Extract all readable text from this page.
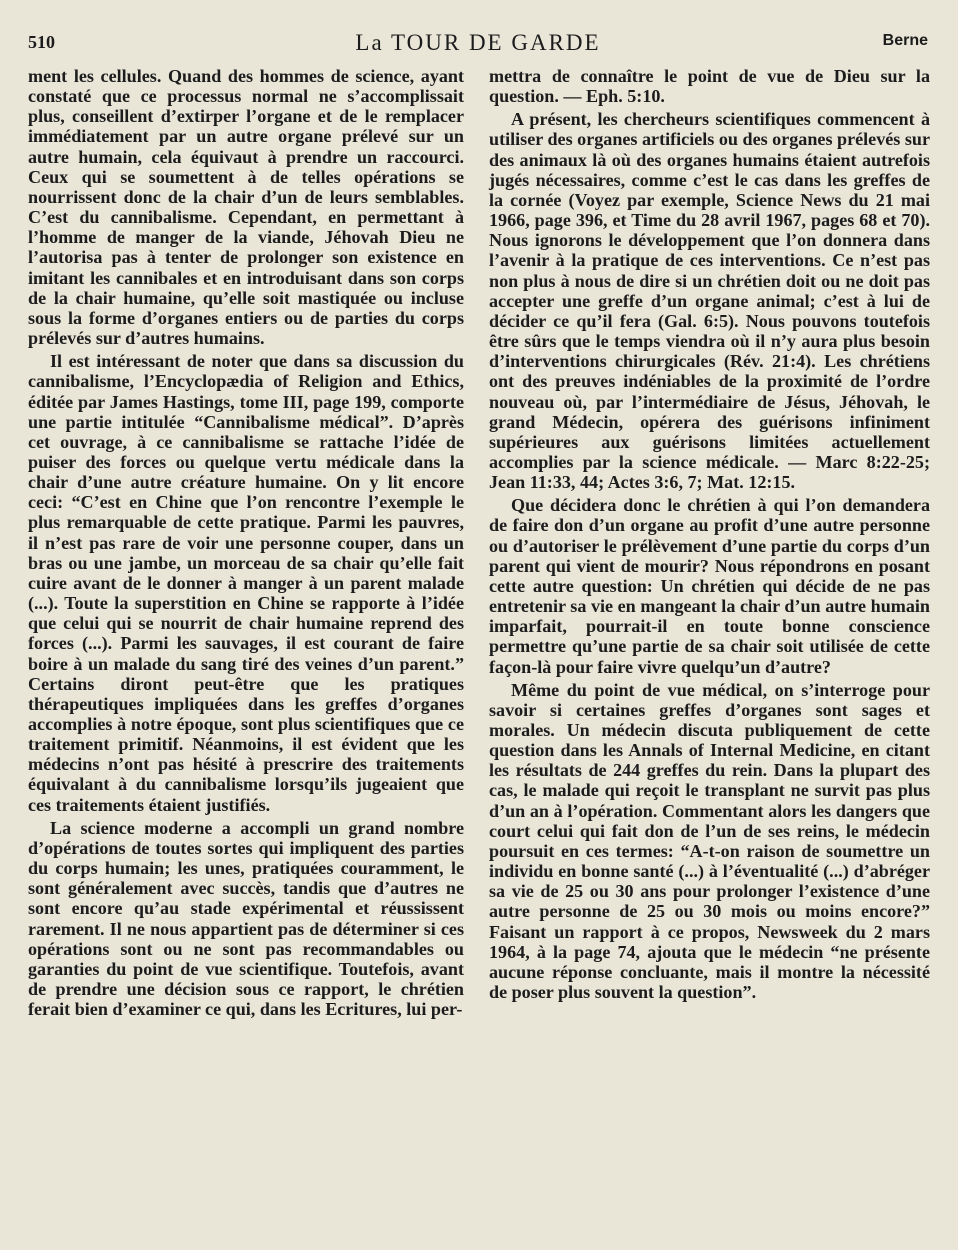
510	La TOUR DE GARDE	Berne

ment les cellules. Quand des hommes de science, ayant constaté que ce processus normal ne s’accomplissait plus, conseillent d’extirper l’organe et de le remplacer immédiatement par un autre organe prélevé sur un autre humain, cela équivaut à prendre un raccourci. Ceux qui se soumettent à de telles opérations se nourrissent donc de la chair d’un de leurs semblables. C’est du cannibalisme. Cependant, en permettant à l’homme de manger de la viande, Jéhovah Dieu ne l’autorisa pas à tenter de prolonger son existence en imitant les cannibales et en introduisant dans son corps de la chair humaine, qu’elle soit mastiquée ou incluse sous la forme d’organes entiers ou de parties du corps prélevés sur d’autres humains.

Il est intéressant de noter que dans sa discussion du cannibalisme, l’Encyclopædia of Religion and Ethics, éditée par James Hastings, tome III, page 199, comporte une partie intitulée “Cannibalisme médical”. D’après cet ouvrage, à ce cannibalisme se rattache l’idée de puiser des forces ou quelque vertu médicale dans la chair d’une autre créature humaine. On y lit encore ceci: “C’est en Chine que l’on rencontre l’exemple le plus remarquable de cette pratique. Parmi les pauvres, il n’est pas rare de voir une personne couper, dans un bras ou une jambe, un morceau de sa chair qu’elle fait cuire avant de le donner à manger à un parent malade (...). Toute la superstition en Chine se rapporte à l’idée que celui qui se nourrit de chair humaine reprend des forces (...). Parmi les sauvages, il est courant de faire boire à un malade du sang tiré des veines d’un parent.” Certains diront peut-être que les pratiques thérapeutiques impliquées dans les greffes d’organes accomplies à notre époque, sont plus scientifiques que ce traitement primitif. Néanmoins, il est évident que les médecins n’ont pas hésité à prescrire des traitements équivalant à du cannibalisme lorsqu’ils jugeaient que ces traitements étaient justifiés.

La science moderne a accompli un grand nombre d’opérations de toutes sortes qui impliquent des parties du corps humain; les unes, pratiquées couramment, le sont généralement avec succès, tandis que d’autres ne sont encore qu’au stade expérimental et réussissent rarement. Il ne nous appartient pas de déterminer si ces opérations sont ou ne sont pas recommandables ou garanties du point de vue scientifique. Toutefois, avant de prendre une décision sous ce rapport, le chrétien ferait bien d’examiner ce qui, dans les Ecritures, lui per-

mettra de connaître le point de vue de Dieu sur la question. — Eph. 5:10.

A présent, les chercheurs scientifiques commencent à utiliser des organes artificiels ou des organes prélevés sur des animaux là où des organes humains étaient autrefois jugés nécessaires, comme c’est le cas dans les greffes de la cornée (Voyez par exemple, Science News du 21 mai 1966, page 396, et Time du 28 avril 1967, pages 68 et 70). Nous ignorons le développement que l’on donnera dans l’avenir à la pratique de ces interventions. Ce n’est pas non plus à nous de dire si un chrétien doit ou ne doit pas accepter une greffe d’un organe animal; c’est à lui de décider ce qu’il fera (Gal. 6:5). Nous pouvons toutefois être sûrs que le temps viendra où il n’y aura plus besoin d’interventions chirurgicales (Rév. 21:4). Les chrétiens ont des preuves indéniables de la proximité de l’ordre nouveau où, par l’intermédiaire de Jésus, Jéhovah, le grand Médecin, opérera des guérisons infiniment supérieures aux guérisons limitées actuellement accomplies par la science médicale. — Marc 8:22-25; Jean 11:33, 44; Actes 3:6, 7; Mat. 12:15.

Que décidera donc le chrétien à qui l’on demandera de faire don d’un organe au profit d’une autre personne ou d’autoriser le prélèvement d’une partie du corps d’un parent qui vient de mourir? Nous répondrons en posant cette autre question: Un chrétien qui décide de ne pas entretenir sa vie en mangeant la chair d’un autre humain imparfait, pourrait-il en toute bonne conscience permettre qu’une partie de sa chair soit utilisée de cette façon-là pour faire vivre quelqu’un d’autre?

Même du point de vue médical, on s’interroge pour savoir si certaines greffes d’organes sont sages et morales. Un médecin discuta publiquement de cette question dans les Annals of Internal Medicine, en citant les résultats de 244 greffes du rein. Dans la plupart des cas, le malade qui reçoit le transplant ne survit pas plus d’un an à l’opération. Commentant alors les dangers que court celui qui fait don de l’un de ses reins, le médecin poursuit en ces termes: “A-t-on raison de soumettre un individu en bonne santé (...) à l’éventualité (...) d’abréger sa vie de 25 ou 30 ans pour prolonger l’existence d’une autre personne de 25 ou 30 mois ou moins encore?” Faisant un rapport à ce propos, Newsweek du 2 mars 1964, à la page 74, ajouta que le médecin “ne présente aucune réponse concluante, mais il montre la nécessité de poser plus souvent la question”.
